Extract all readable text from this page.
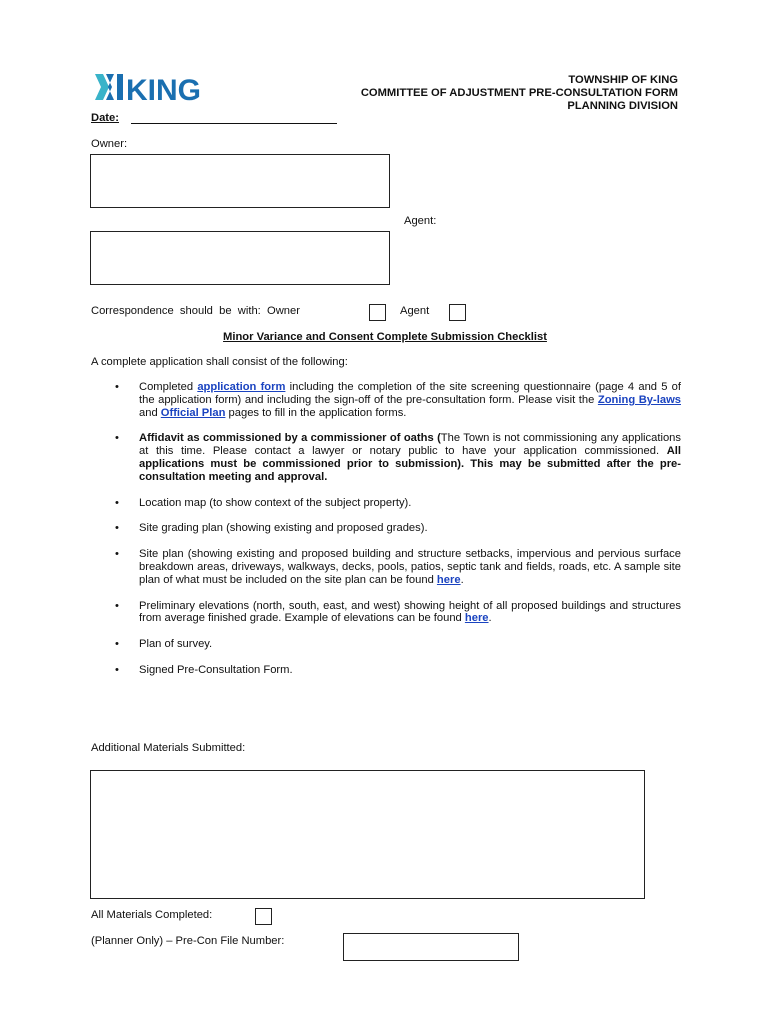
KING	TOWNSHIP OF KING
COMMITTEE OF ADJUSTMENT PRE-CONSULTATION FORM
PLANNING DIVISION
Date:
Owner:
Agent:
Correspondence  should  be  with:  Owner	Agent
Minor Variance and Consent Complete Submission Checklist
A complete application shall consist of the following:
• Completed application form including the completion of the site screening questionnaire (page 4 and 5 of the application form) and including the sign-off of the pre-consultation form. Please visit the Zoning By-laws and Official Plan pages to fill in the application forms.
• Affidavit as commissioned by a commissioner of oaths (The Town is not commissioning any applications at this time. Please contact a lawyer or notary public to have your application commissioned. All applications must be commissioned prior to submission). This may be submitted after the pre-consultation meeting and approval.
• Location map (to show context of the subject property).
• Site grading plan (showing existing and proposed grades).
• Site plan (showing existing and proposed building and structure setbacks, impervious and pervious surface breakdown areas, driveways, walkways, decks, pools, patios, septic tank and fields, roads, etc. A sample site plan of what must be included on the site plan can be found here.
• Preliminary elevations (north, south, east, and west) showing height of all proposed buildings and structures from average finished grade. Example of elevations can be found here.
• Plan of survey.
• Signed Pre-Consultation Form.
Additional Materials Submitted:
All Materials Completed:
(Planner Only) – Pre-Con File Number:
